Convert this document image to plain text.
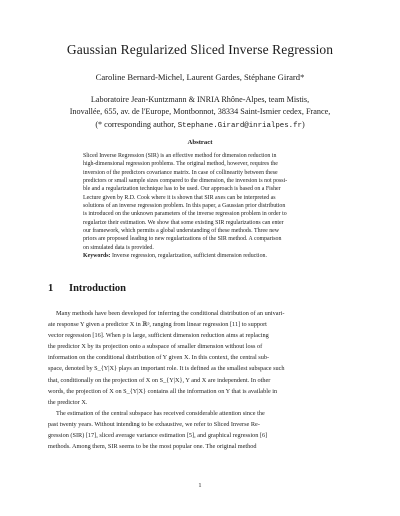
Gaussian Regularized Sliced Inverse Regression
Caroline Bernard-Michel, Laurent Gardes, Stéphane Girard*
Laboratoire Jean-Kuntzmann & INRIA Rhône-Alpes, team Mistis,
Inovallée, 655, av. de l'Europe, Montbonnot, 38334 Saint-Ismier cedex, France,
(* corresponding author, Stephane.Girard@inrialpes.fr)
Abstract
Sliced Inverse Regression (SIR) is an effective method for dimension reduction in
high-dimensional regression problems. The original method, however, requires the
inversion of the predictors covariance matrix. In case of collinearity between these
predictors or small sample sizes compared to the dimension, the inversion is not possi-
ble and a regularization technique has to be used. Our approach is based on a Fisher
Lecture given by R.D. Cook where it is shown that SIR axes can be interpreted as
solutions of an inverse regression problem. In this paper, a Gaussian prior distribution
is introduced on the unknown parameters of the inverse regression problem in order to
regularize their estimation. We show that some existing SIR regularizations can enter
our framework, which permits a global understanding of these methods. Three new
priors are proposed leading to new regularizations of the SIR method. A comparison
on simulated data is provided.
Keywords: Inverse regression, regularization, sufficient dimension reduction.
1 Introduction
Many methods have been developed for inferring the conditional distribution of an univari-
ate response Y given a predictor X in ℝᵖ, ranging from linear regression [11] to support
vector regression [16]. When p is large, sufficient dimension reduction aims at replacing
the predictor X by its projection onto a subspace of smaller dimension without loss of
information on the conditional distribution of Y given X. In this context, the central sub-
space, denoted by S_{Y|X} plays an important role. It is defined as the smallest subspace such
that, conditionally on the projection of X on S_{Y|X}, Y and X are independent. In other
words, the projection of X on S_{Y|X} contains all the information on Y that is available in
the predictor X.
The estimation of the central subspace has received considerable attention since the
past twenty years. Without intending to be exhaustive, we refer to Sliced Inverse Re-
gression (SIR) [17], sliced average variance estimation [5], and graphical regression [6]
methods. Among them, SIR seems to be the most popular one. The original method
1
